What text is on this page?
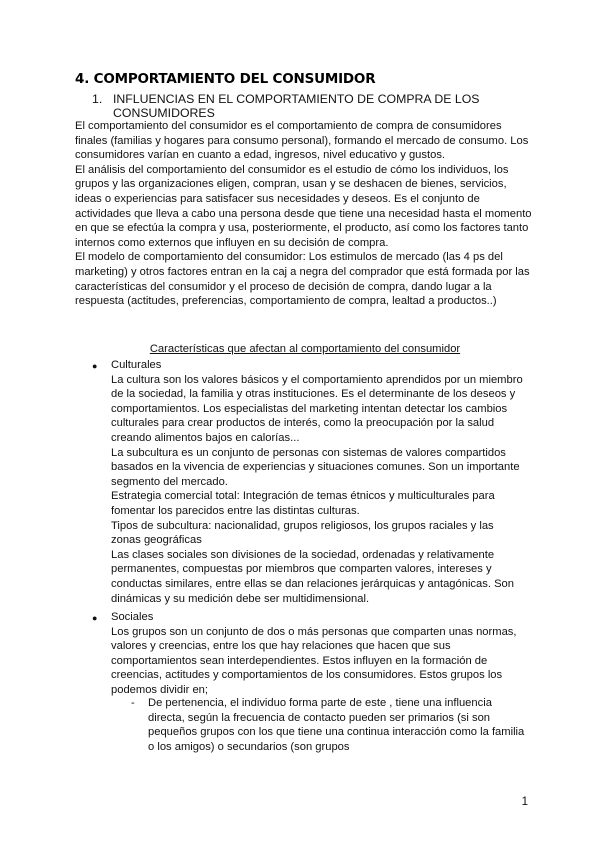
4. COMPORTAMIENTO DEL CONSUMIDOR
1. INFLUENCIAS EN EL COMPORTAMIENTO DE COMPRA DE LOS CONSUMIDORES

El comportamiento del consumidor es el comportamiento de compra de consumidores finales (familias y hogares para consumo personal), formando el mercado de consumo. Los consumidores varían en cuanto a edad, ingresos, nivel educativo y gustos.

El análisis del comportamiento del consumidor es el estudio de cómo los individuos, los grupos y las organizaciones eligen, compran, usan y se deshacen de bienes, servicios, ideas o experiencias para satisfacer sus necesidades y deseos. Es el conjunto de actividades que lleva a cabo una persona desde que tiene una necesidad hasta el momento en que se efectúa la compra y usa, posteriormente, el producto, así como los factores tanto internos como externos que influyen en su decisión de compra.

El modelo de comportamiento del consumidor: Los estimulos de mercado (las 4 ps del marketing) y otros factores entran en la caj a negra del comprador que está formada por las características del consumidor y el proceso de decisión de compra, dando lugar a la respuesta (actitudes, preferencias, comportamiento de compra, lealtad a productos..)

Características que afectan al comportamiento del consumidor
● Culturales

La cultura son los valores básicos y el comportamiento aprendidos por un miembro de la sociedad, la familia y otras instituciones. Es el determinante de los deseos y comportamientos. Los especialistas del marketing intentan detectar los cambios culturales para crear productos de interés, como la preocupación por la salud creando alimentos bajos en calorías...

La subcultura es un conjunto de personas con sistemas de valores compartidos basados en la vivencia de experiencias y situaciones comunes. Son un importante segmento del mercado.

Estrategia comercial total: Integración de temas étnicos y multiculturales para fomentar los parecidos entre las distintas culturas.

Tipos de subcultura: nacionalidad, grupos religiosos, los grupos raciales y las zonas geográficas

Las clases sociales son divisiones de la sociedad, ordenadas y relativamente permanentes, compuestas por miembros que comparten valores, intereses y conductas similares, entre ellas se dan relaciones jerárquicas y antagónicas. Son dinámicas y su medición debe ser multidimensional.

● Sociales

Los grupos son un conjunto de dos o más personas que comparten unas normas, valores y creencias, entre los que hay relaciones que hacen que sus comportamientos sean interdependientes. Estos influyen en la formación de creencias, actitudes y comportamientos de los consumidores. Estos grupos los podemos dividir en;

- De pertenencia, el individuo forma parte de este , tiene una influencia directa, según la frecuencia de contacto pueden ser primarios (si son pequeños grupos con los que tiene una continua interacción como la familia o los amigos) o secundarios (son grupos

1
